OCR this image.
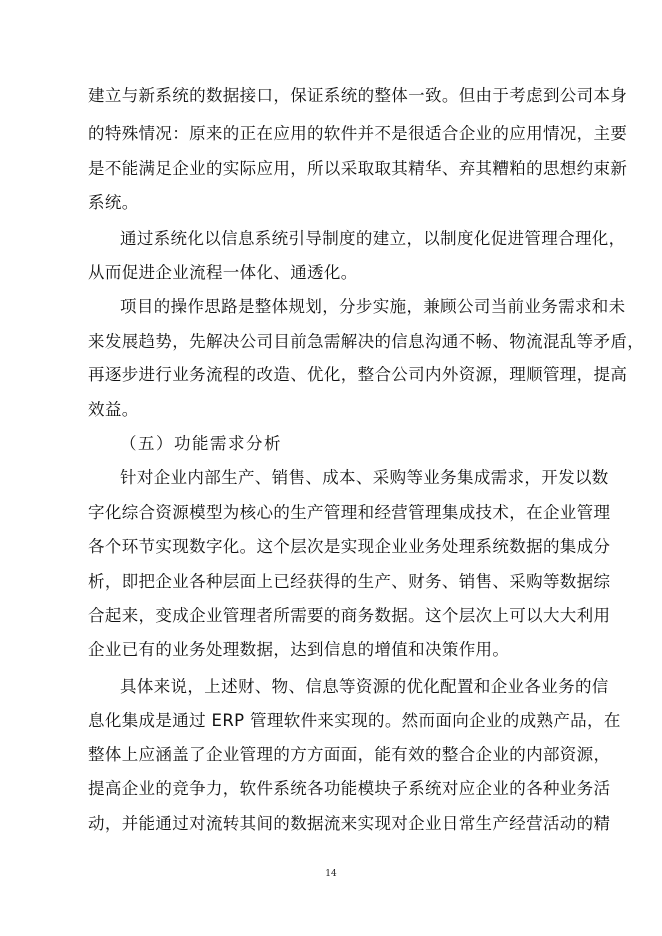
建立与新系统的数据接口，保证系统的整体一致。但由于考虑到公司本身
的特殊情况：原来的正在应用的软件并不是很适合企业的应用情况，主要
是不能满足企业的实际应用，所以采取取其精华、弃其糟粕的思想约束新
系统。
通过系统化以信息系统引导制度的建立，以制度化促进管理合理化，
从而促进企业流程一体化、通透化。
项目的操作思路是整体规划，分步实施，兼顾公司当前业务需求和未
来发展趋势，先解决公司目前急需解决的信息沟通不畅、物流混乱等矛盾，
再逐步进行业务流程的改造、优化，整合公司内外资源，理顺管理，提高
效益。
（五）功能需求分析
针对企业内部生产、销售、成本、采购等业务集成需求，开发以数
字化综合资源模型为核心的生产管理和经营管理集成技术，在企业管理
各个环节实现数字化。这个层次是实现企业业务处理系统数据的集成分
析，即把企业各种层面上已经获得的生产、财务、销售、采购等数据综
合起来，变成企业管理者所需要的商务数据。这个层次上可以大大利用
企业已有的业务处理数据，达到信息的增值和决策作用。
具体来说，上述财、物、信息等资源的优化配置和企业各业务的信
息化集成是通过 ERP 管理软件来实现的。然而面向企业的成熟产品，在
整体上应涵盖了企业管理的方方面面，能有效的整合企业的内部资源，
提高企业的竞争力，软件系统各功能模块子系统对应企业的各种业务活
动，并能通过对流转其间的数据流来实现对企业日常生产经营活动的精
14
